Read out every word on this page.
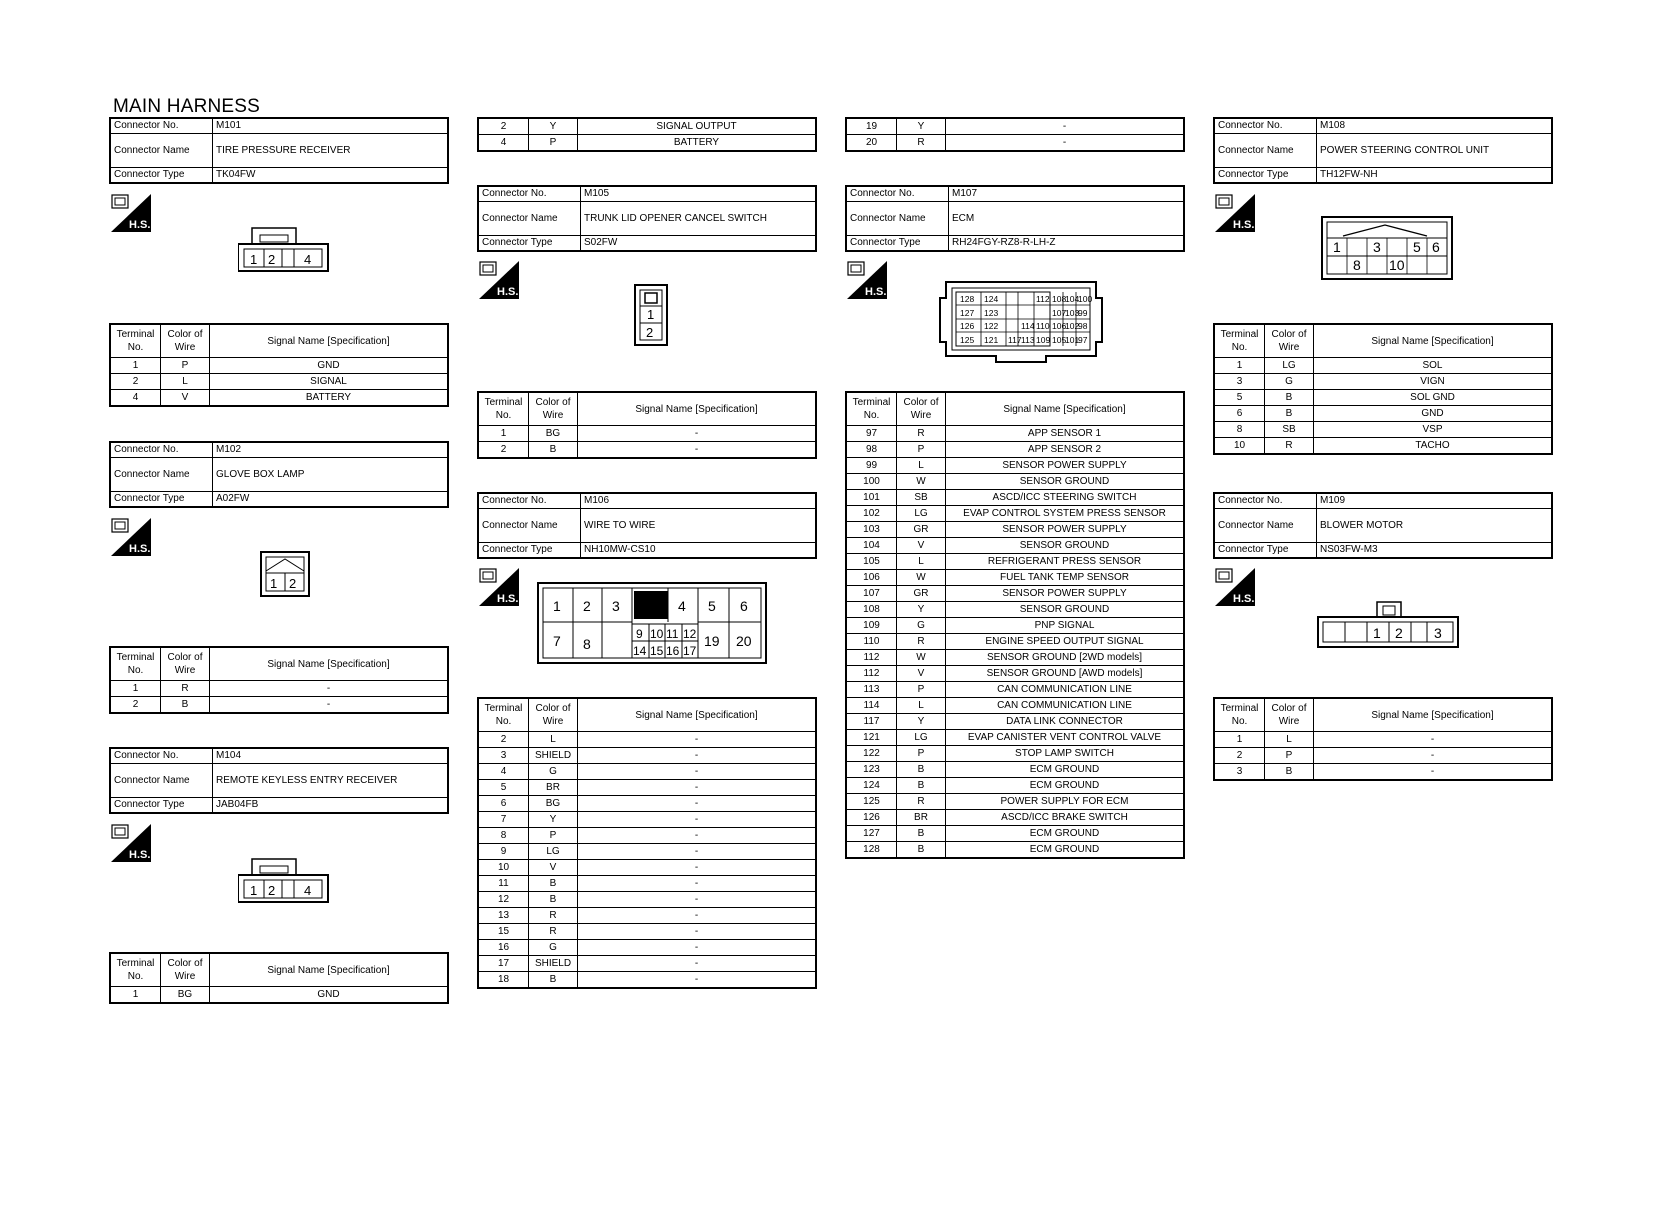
MAIN HARNESS
Connector No.	M101
Connector Name	TIRE PRESSURE RECEIVER
Connector Type	TK04FW
H.S.
1 2 4
Terminal No.	Color of Wire	Signal Name [Specification]
1	P	GND
2	L	SIGNAL
4	V	BATTERY
Connector No.	M102
Connector Name	GLOVE BOX LAMP
Connector Type	A02FW
H.S.
1 2
Terminal No.	Color of Wire	Signal Name [Specification]
1	R	-
2	B	-
Connector No.	M104
Connector Name	REMOTE KEYLESS ENTRY RECEIVER
Connector Type	JAB04FB
H.S.
1 2 4
Terminal No.	Color of Wire	Signal Name [Specification]
1	BG	GND
2	Y	SIGNAL OUTPUT
4	P	BATTERY
Connector No.	M105
Connector Name	TRUNK LID OPENER CANCEL SWITCH
Connector Type	S02FW
H.S.
1
2
Terminal No.	Color of Wire	Signal Name [Specification]
1	BG	-
2	B	-
Connector No.	M106
Connector Name	WIRE TO WIRE
Connector Type	NH10MW-CS10
H.S. 1 2 3	4 5 6
7 8	19 20
9 10 11 12
14 15 16 17
Terminal No.	Color of Wire	Signal Name [Specification]
2	L	-
3	SHIELD	-
4	G	-
5	BR	-
6	BG	-
7	Y	-
8	P	-
9	LG	-
10	V	-
11	B	-
12	B	-
13	R	-
15	R	-
16	G	-
17	SHIELD	-
18	B	-
19	Y	-
20	R	-
Connector No.	M107
Connector Name	ECM
Connector Type	RH24FGY-RZ8-R-LH-Z
H.S.
128 124	112 108
104
100
127 123	107
103
99
126 122	114 110 106
102
98
125 121 117 113 109 105
101
97
Terminal No.	Color of Wire	Signal Name [Specification]
97	R	APP SENSOR 1
98	P	APP SENSOR 2
99	L	SENSOR POWER SUPPLY
100	W	SENSOR GROUND
101	SB	ASCD/ICC STEERING SWITCH
102	LG	EVAP CONTROL SYSTEM PRESS SENSOR
103	GR	SENSOR POWER SUPPLY
104	V	SENSOR GROUND
105	L	REFRIGERANT PRESS SENSOR
106	W	FUEL TANK TEMP SENSOR
107	GR	SENSOR POWER SUPPLY
108	Y	SENSOR GROUND
109	G	PNP SIGNAL
110	R	ENGINE SPEED OUTPUT SIGNAL
112	W	SENSOR GROUND [2WD models]
112	V	SENSOR GROUND [AWD models]
113	P	CAN COMMUNICATION LINE
114	L	CAN COMMUNICATION LINE
117	Y	DATA LINK CONNECTOR
121	LG	EVAP CANISTER VENT CONTROL VALVE
122	P	STOP LAMP SWITCH
123	B	ECM GROUND
124	B	ECM GROUND
125	R	POWER SUPPLY FOR ECM
126	BR	ASCD/ICC BRAKE SWITCH
127	B	ECM GROUND
128	B	ECM GROUND
Connector No.	M108
Connector Name	POWER STEERING CONTROL UNIT
Connector Type	TH12FW-NH
H.S.
1 3 5 6
8 10
Terminal No.	Color of Wire	Signal Name [Specification]
1	LG	SOL
3	G	VIGN
5	B	SOL GND
6	B	GND
8	SB	VSP
10	R	TACHO
Connector No.	M109
Connector Name	BLOWER MOTOR
Connector Type	NS03FW-M3
H.S.
1 2 3
Terminal No.	Color of Wire	Signal Name [Specification]
1	L	-
2	P	-
3	B	-
